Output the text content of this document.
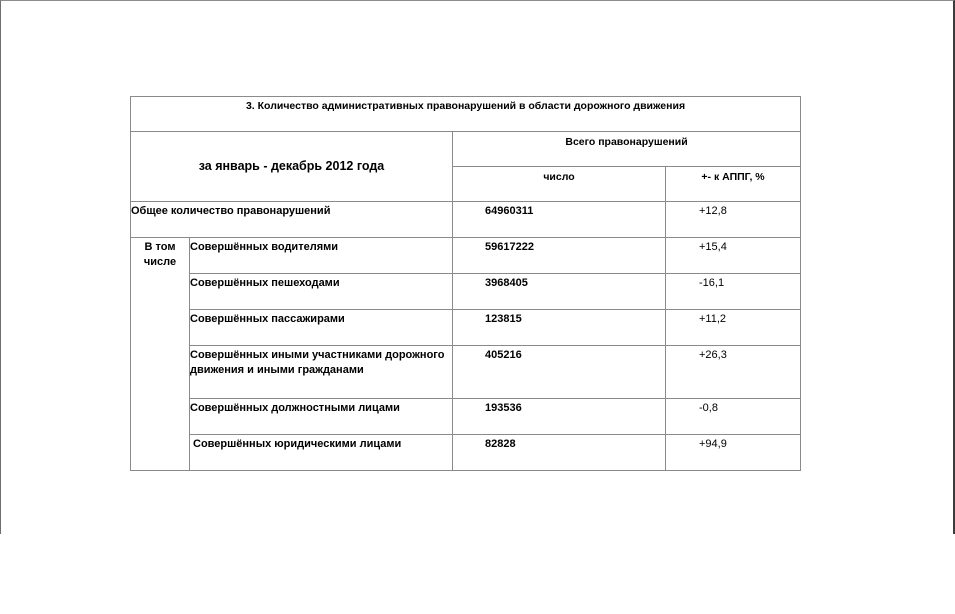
3. Количество административных правонарушений в области дорожного движения			
за январь - декабрь 2012 года		Всего правонарушений	
		число	+- к АППГ, %
Общее количество правонарушений		64960311	+12,8
В том числе	Совершённых водителями	59617222	+15,4
	Совершённых пешеходами	3968405	-16,1
	Совершённых пассажирами	123815	+11,2
	Совершённых иными участниками дорожного движения и иными гражданами	405216	+26,3
	Совершённых должностными лицами	193536	-0,8
	Совершённых юридическими лицами	82828	+94,9
